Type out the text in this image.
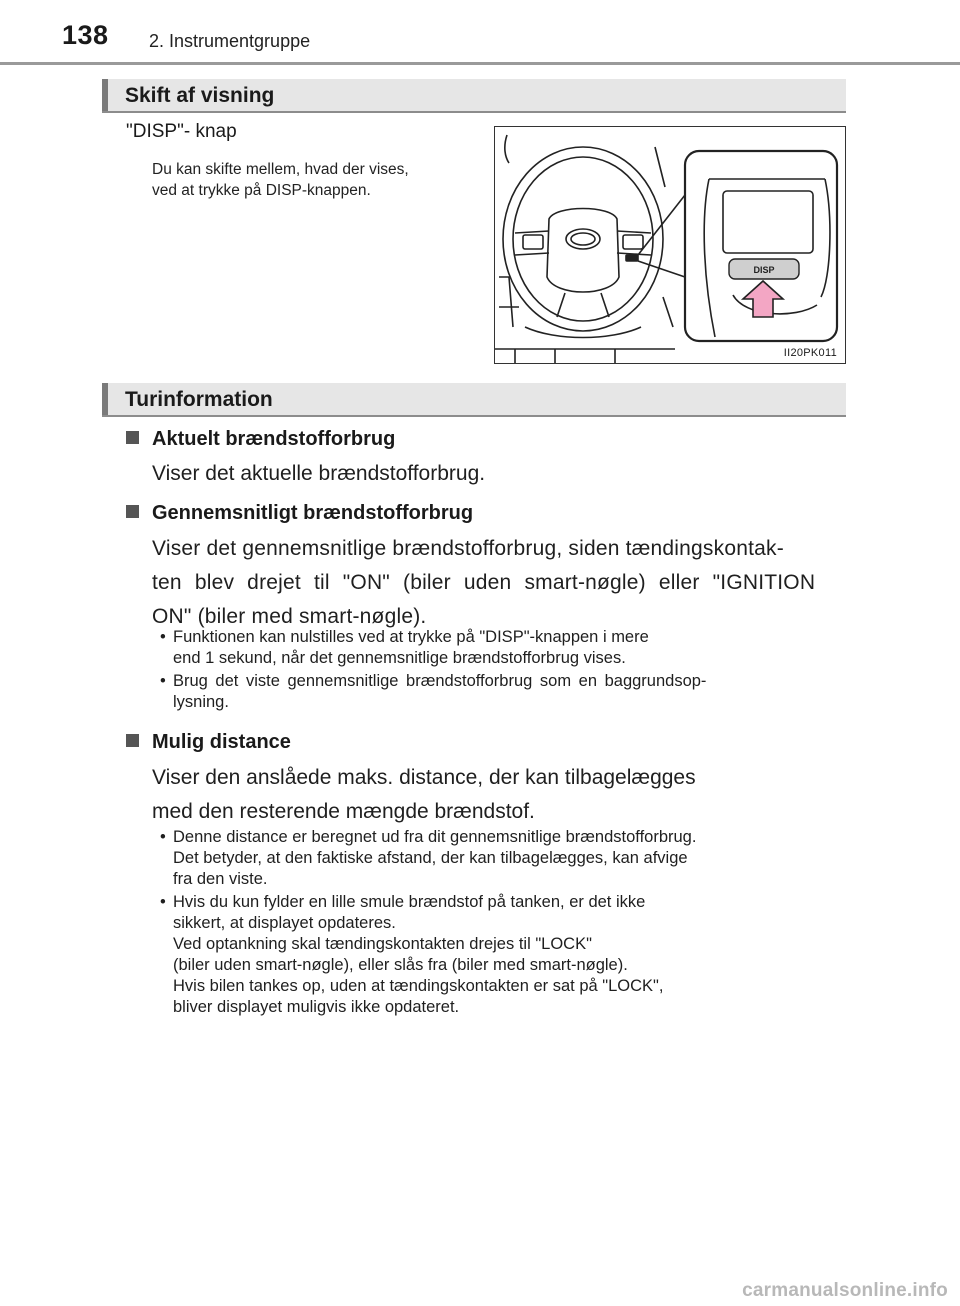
138 2. Instrumentgruppe
Skift af visning
"DISP"- knap
Du kan skifte mellem, hvad der vises,
ved at trykke på DISP-knappen.
DISP
II20PK011
Turinformation
Aktuelt brændstofforbrug
Viser det aktuelle brændstofforbrug.
Gennemsnitligt brændstofforbrug
Viser det gennemsnitlige brændstofforbrug, siden tændingskontak-
ten blev drejet til "ON" (biler uden smart-nøgle) eller "IGNITION
ON" (biler med smart-nøgle).
• Funktionen kan nulstilles ved at trykke på "DISP"-knappen i mere
end 1 sekund, når det gennemsnitlige brændstofforbrug vises.
• Brug det viste gennemsnitlige brændstofforbrug som en baggrundsop-
lysning.
Mulig distance
Viser den anslåede maks. distance, der kan tilbagelægges
med den resterende mængde brændstof.
• Denne distance er beregnet ud fra dit gennemsnitlige brændstofforbrug.
Det betyder, at den faktiske afstand, der kan tilbagelægges, kan afvige
fra den viste.
• Hvis du kun fylder en lille smule brændstof på tanken, er det ikke
sikkert, at displayet opdateres.
Ved optankning skal tændingskontakten drejes til "LOCK"
(biler uden smart-nøgle), eller slås fra (biler med smart-nøgle).
Hvis bilen tankes op, uden at tændingskontakten er sat på "LOCK",
bliver displayet muligvis ikke opdateret.
carmanualsonline.info
